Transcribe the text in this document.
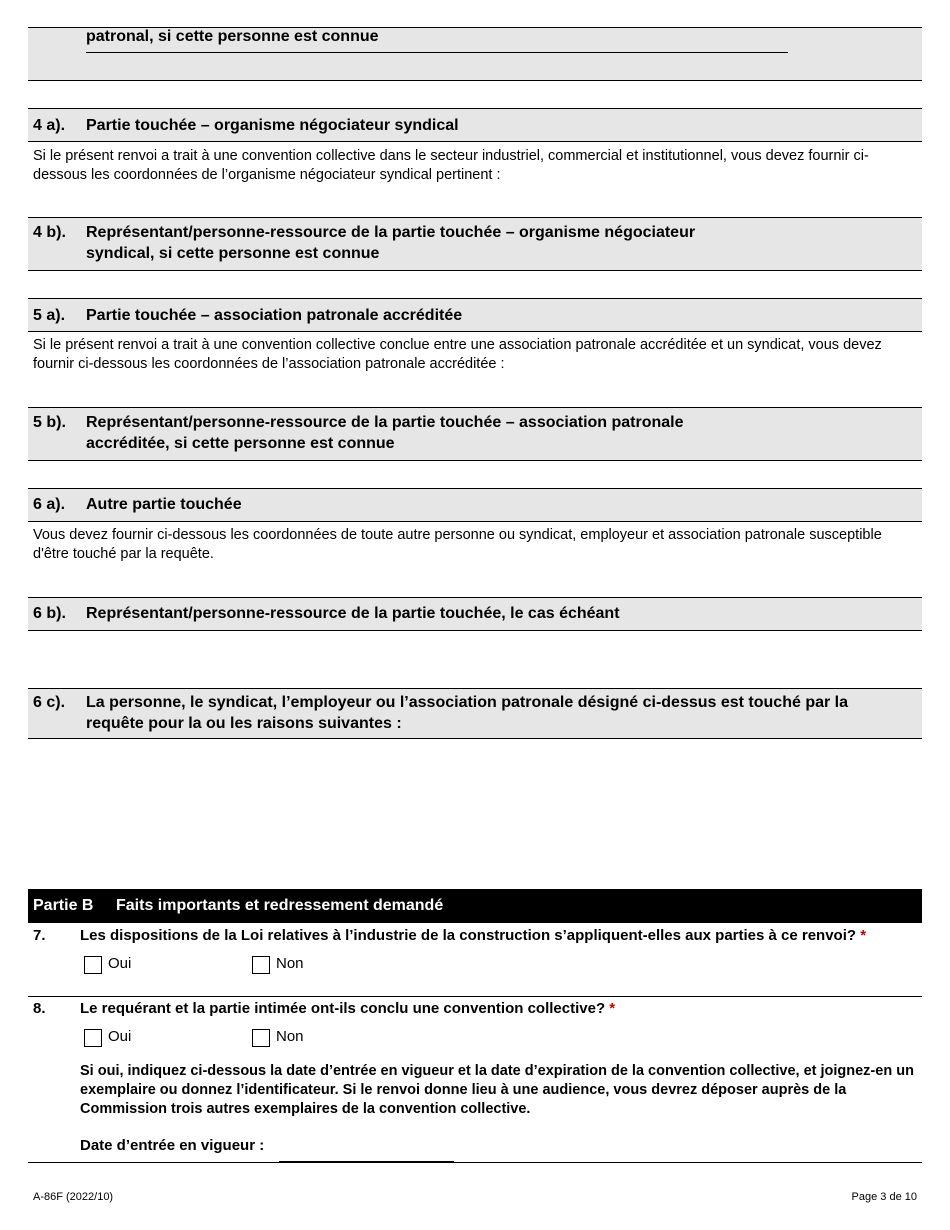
patronal, si cette personne est connue
4 a). Partie touchée – organisme négociateur syndical
Si le présent renvoi a trait à une convention collective dans le secteur industriel, commercial et institutionnel, vous devez fournir ci-dessous les coordonnées de l’organisme négociateur syndical pertinent :
4 b). Représentant/personne-ressource de la partie touchée – organisme négociateur
syndical, si cette personne est connue
5 a). Partie touchée – association patronale accréditée
Si le présent renvoi a trait à une convention collective conclue entre une association patronale accréditée et un syndicat, vous devez fournir ci-dessous les coordonnées de l’association patronale accréditée :
5 b). Représentant/personne-ressource de la partie touchée – association patronale
accréditée, si cette personne est connue
6 a). Autre partie touchée
Vous devez fournir ci-dessous les coordonnées de toute autre personne ou syndicat, employeur et association patronale susceptible d'être touché par la requête.
6 b). Représentant/personne-ressource de la partie touchée, le cas échéant
6 c). La personne, le syndicat, l’employeur ou l’association patronale désigné ci-dessus est touché par la
requête pour la ou les raisons suivantes :
Partie B Faits importants et redressement demandé
7. Les dispositions de la Loi relatives à l’industrie de la construction s’appliquent-elles aux parties à ce renvoi? *
Oui	Non
8. Le requérant et la partie intimée ont-ils conclu une convention collective? *
Oui	Non
Si oui, indiquez ci-dessous la date d’entrée en vigueur et la date d’expiration de la convention collective, et joignez-en un exemplaire ou donnez l’identificateur. Si le renvoi donne lieu à une audience, vous devrez déposer auprès de la Commission trois autres exemplaires de la convention collective.
Date d’entrée en vigueur :
A-86F (2022/10)	Page 3 de 10
